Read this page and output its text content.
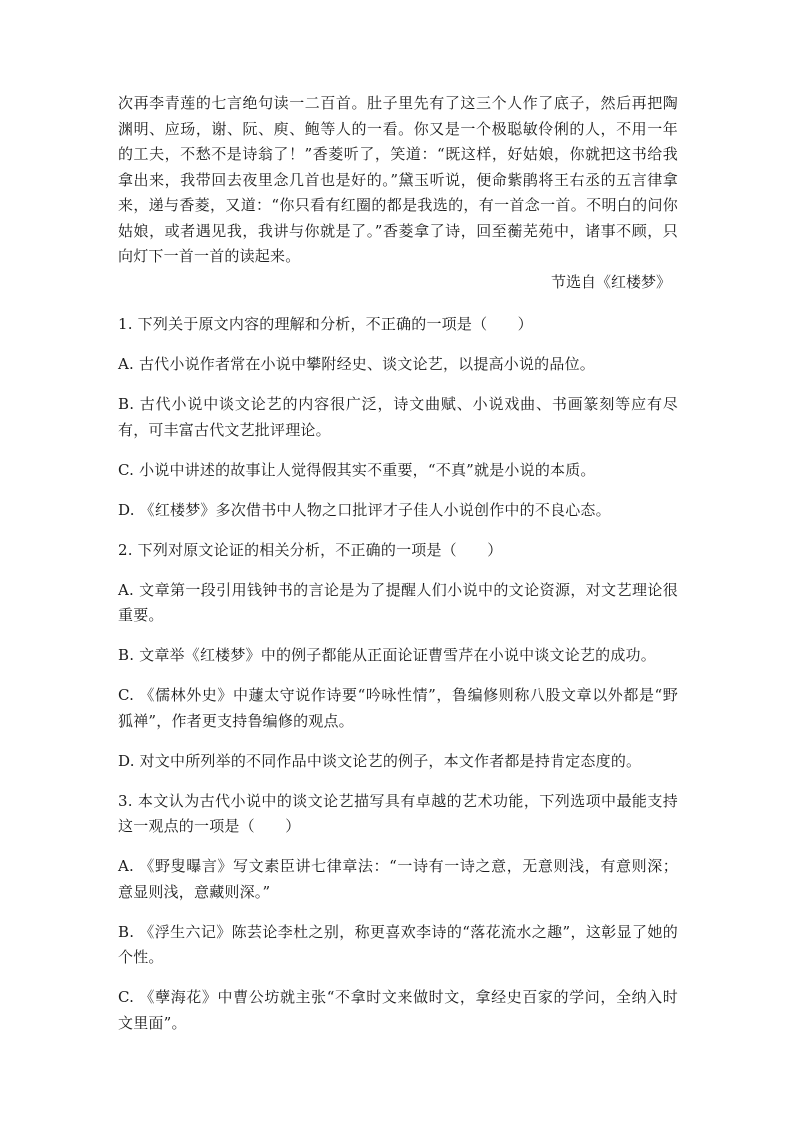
次再李青莲的七言绝句读一二百首。肚子里先有了这三个人作了底子，然后再把陶渊明、应玚，谢、阮、庾、鲍等人的一看。你又是一个极聪敏伶俐的人，不用一年的工夫，不愁不是诗翁了！”香菱听了，笑道：“既这样，好姑娘，你就把这书给我拿出来，我带回去夜里念几首也是好的。”黛玉听说，便命紫鹃将王右丞的五言律拿来，递与香菱，又道：“你只看有红圈的都是我选的，有一首念一首。不明白的问你姑娘，或者遇见我，我讲与你就是了。”香菱拿了诗，回至蘅芜苑中，诸事不顾，只向灯下一首一首的读起来。

节选自《红楼梦》

1. 下列关于原文内容的理解和分析，不正确的一项是（　　）

A. 古代小说作者常在小说中攀附经史、谈文论艺，以提高小说的品位。

B. 古代小说中谈文论艺的内容很广泛，诗文曲赋、小说戏曲、书画篆刻等应有尽有，可丰富古代文艺批评理论。

C. 小说中讲述的故事让人觉得假其实不重要，“不真”就是小说的本质。

D. 《红楼梦》多次借书中人物之口批评才子佳人小说创作中的不良心态。

2. 下列对原文论证的相关分析，不正确的一项是（　　）

A. 文章第一段引用钱钟书的言论是为了提醒人们小说中的文论资源，对文艺理论很重要。

B. 文章举《红楼梦》中的例子都能从正面论证曹雪芹在小说中谈文论艺的成功。

C. 《儒林外史》中蘧太守说作诗要“吟咏性情”，鲁编修则称八股文章以外都是“野狐禅”，作者更支持鲁编修的观点。

D. 对文中所列举的不同作品中谈文论艺的例子，本文作者都是持肯定态度的。

3. 本文认为古代小说中的谈文论艺描写具有卓越的艺术功能，下列选项中最能支持这一观点的一项是（　　）

A. 《野叟曝言》写文素臣讲七律章法：“一诗有一诗之意，无意则浅，有意则深；意显则浅，意藏则深。”

B. 《浮生六记》陈芸论李杜之别，称更喜欢李诗的“落花流水之趣”，这彰显了她的个性。

C. 《孽海花》中曹公坊就主张“不拿时文来做时文，拿经史百家的学问，全纳入时文里面”。
